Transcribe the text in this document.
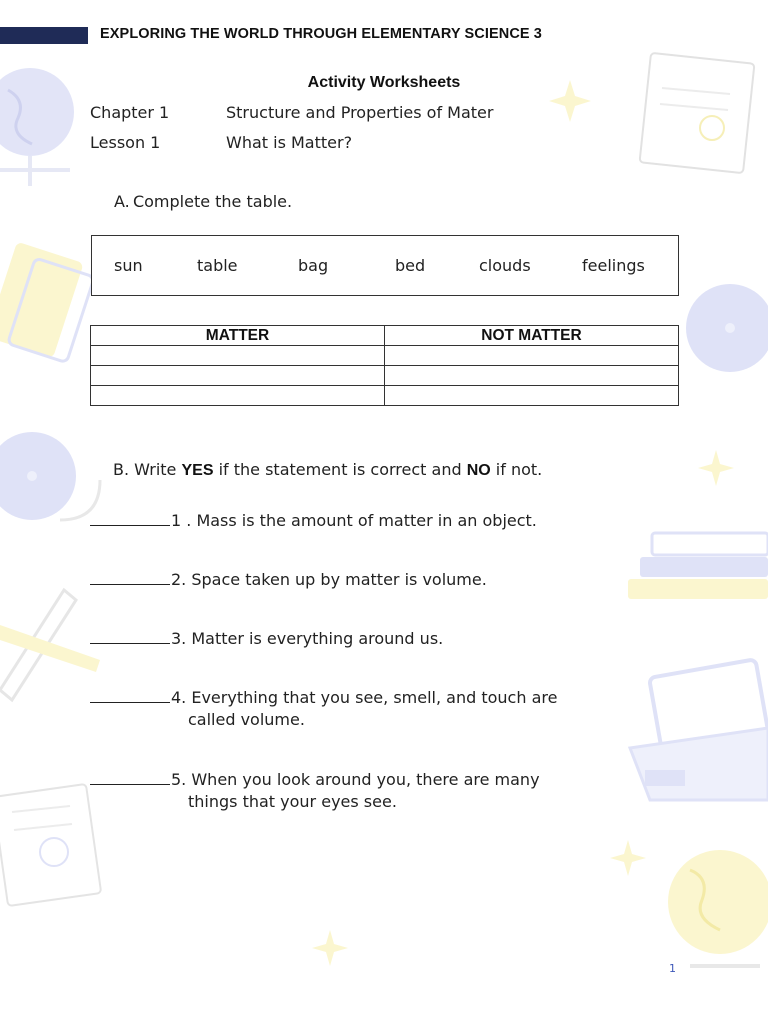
EXPLORING THE WORLD THROUGH ELEMENTARY SCIENCE 3
Activity Worksheets
Chapter 1	Structure and Properties of Mater
Lesson 1	What is Matter?
A. Complete the table.
sun	table	bag	bed	clouds	feelings
MATTER	NOT MATTER

B. Write YES if the statement is correct and NO if not.
1 . Mass is the amount of matter in an object.
2. Space taken up by matter is volume.
3. Matter is everything around us.
4. Everything that you see, smell, and touch are
called volume.
5. When you look around you, there are many
things that your eyes see.
1
